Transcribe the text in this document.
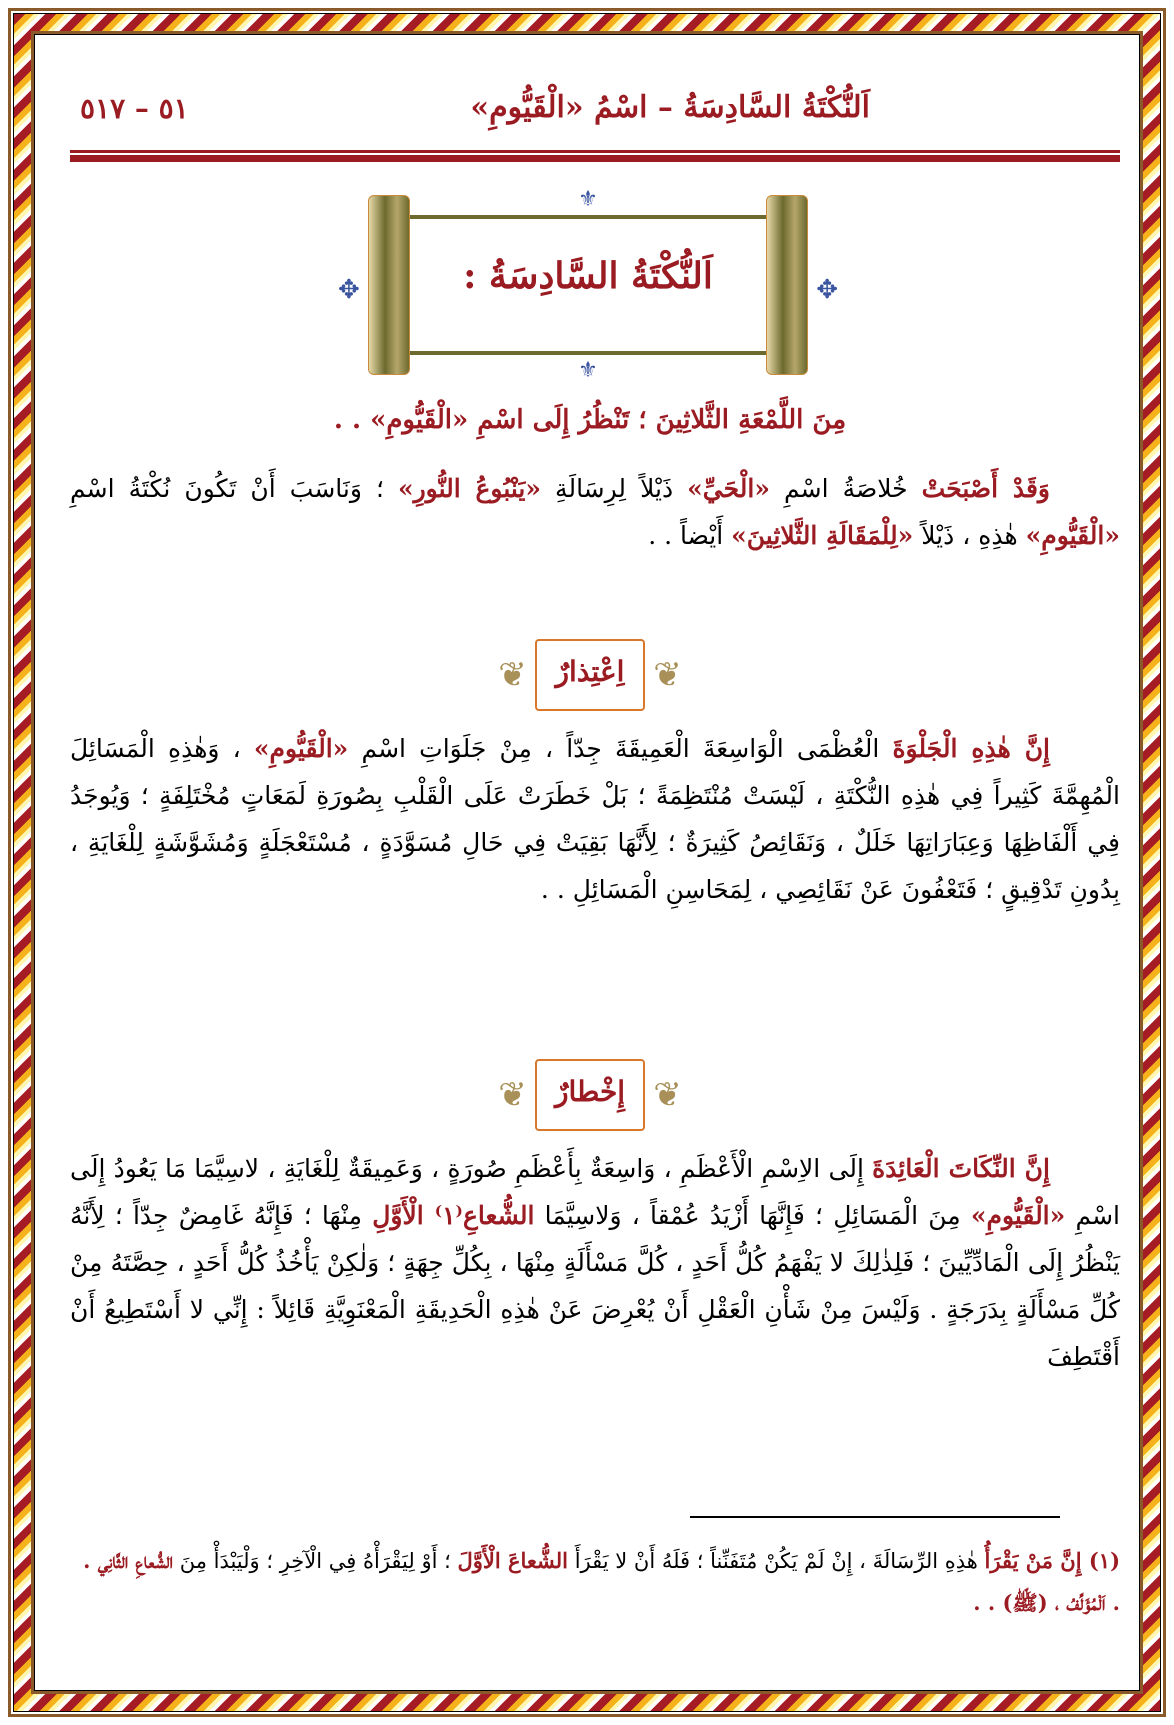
اَلنُّكْتَةُ السَّادِسَةُ – اسْمُ «الْقَيُّومِ»
٥١ – ٥١٧
✥	✥
⚜
⚜
اَلنُّكْتَةُ السَّادِسَةُ :
مِنَ اللَّمْعَةِ الثَّلاثِينَ ؛ تَنْظُرُ إِلَى اسْمِ «الْقَيُّومِ» . .
وَقَدْ أَصْبَحَتْ خُلاصَةُ اسْمِ «الْحَيِّ» ذَيْلاً لِرِسَالَةِ «يَنْبُوعُ النُّورِ» ؛ وَنَاسَبَ أَنْ تَكُونَ نُكْتَةُ اسْمِ «الْقَيُّومِ» هٰذِهِ ، ذَيْلاً «لِلْمَقَالَةِ الثَّلاثِينَ» أَيْضاً . .
❦	❦
اِعْتِذارٌ
إِنَّ هٰذِهِ الْجَلْوَةَ الْعُظْمَى الْوَاسِعَةَ الْعَمِيقَةَ جِدّاً ، مِنْ جَلَوَاتِ اسْمِ «الْقَيُّومِ» ، وَهٰذِهِ الْمَسَائِلَ الْمُهِمَّةَ كَثِيراً فِي هٰذِهِ النُّكْتَةِ ، لَيْسَتْ مُنْتَظِمَةً ؛ بَلْ خَطَرَتْ عَلَى الْقَلْبِ بِصُورَةِ لَمَعَاتٍ مُخْتَلِفَةٍ ؛ وَيُوجَدُ فِي أَلْفَاظِهَا وَعِبَارَاتِهَا خَلَلٌ ، وَنَقَائِصُ كَثِيرَةٌ ؛ لِأَنَّهَا بَقِيَتْ فِي حَالِ مُسَوَّدَةٍ ، مُسْتَعْجَلَةٍ وَمُشَوَّشَةٍ لِلْغَايَةِ ، بِدُونِ تَدْقِيقٍ ؛ فَتَعْفُونَ عَنْ نَقَائِصِي ، لِمَحَاسِنِ الْمَسَائِلِ . .
❦	❦
إِخْطارٌ
إِنَّ النِّكَاتَ الْعَائِدَةَ إِلَى الاِسْمِ الْأَعْظَمِ ، وَاسِعَةٌ بِأَعْظَمِ صُورَةٍ ، وَعَمِيقَةٌ لِلْغَايَةِ ، لاسِيَّمَا مَا يَعُودُ إِلَى اسْمِ «الْقَيُّومِ» مِنَ الْمَسَائِلِ ؛ فَإِنَّهَا أَزْيَدُ عُمْقاً ، وَلاسِيَّمَا الشُّعاعِ⁽١⁾ الْأَوَّلِ مِنْهَا ؛ فَإِنَّهُ غَامِضٌ جِدّاً ؛ لِأَنَّهُ يَنْظُرُ إِلَى الْمَادِّيِّينَ ؛ فَلِذٰلِكَ لا يَفْهَمُ كُلُّ أَحَدٍ ، كُلَّ مَسْأَلَةٍ مِنْهَا ، بِكُلِّ جِهَةٍ ؛ وَلٰكِنْ يَأْخُذُ كُلُّ أَحَدٍ ، حِصَّتَهُ مِنْ كُلِّ مَسْأَلَةٍ بِدَرَجَةٍ . وَلَيْسَ مِنْ شَأْنِ الْعَقْلِ أَنْ يُعْرِضَ عَنْ هٰذِهِ الْحَدِيقَةِ الْمَعْنَوِيَّةِ قَائِلاً : إِنِّي لا أَسْتَطِيعُ أَنْ أَقْتَطِفَ
(١) إِنَّ مَنْ يَقْرَأُ هٰذِهِ الرِّسَالَةَ ، إِنْ لَمْ يَكُنْ مُتَفَنِّناً ؛ فَلَهُ أَنْ لا يَقْرَأَ الشُّعاعَ الْأَوَّلَ ؛ أَوْ لِيَقْرَأْهُ فِي الْآخِرِ ؛ وَلْيَبْدَأْ مِنَ الشُّعاعِ الثَّانِي . . اَلْمُؤَلِّفُ ، (ﷺ) . .
